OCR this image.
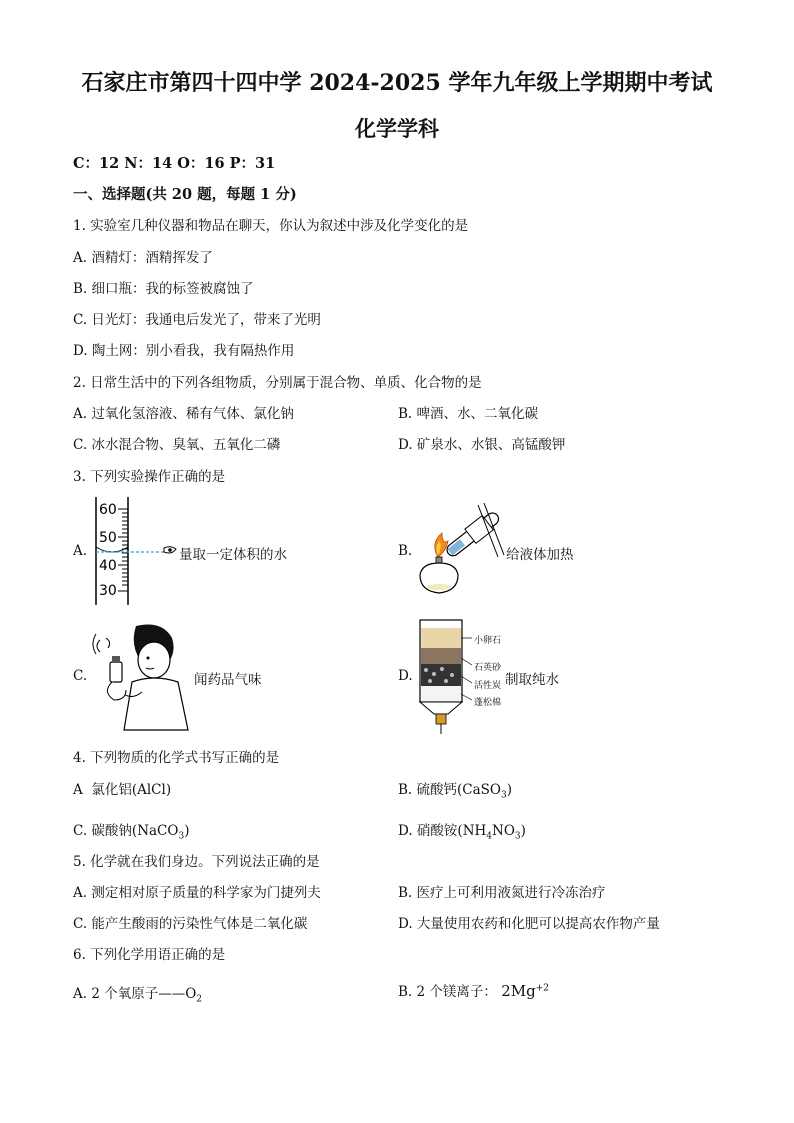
石家庄市第四十四中学 2024-2025 学年九年级上学期期中考试
化学学科
C：12 N：14 O：16 P：31
一、选择题(共 20 题，每题 1 分)
1. 实验室几种仪器和物品在聊天，你认为叙述中涉及化学变化的是
A. 酒精灯：酒精挥发了
B. 细口瓶：我的标签被腐蚀了
C. 日光灯：我通电后发光了，带来了光明
D. 陶土网：别小看我，我有隔热作用
2. 日常生活中的下列各组物质，分别属于混合物、单质、化合物的是
A. 过氧化氢溶液、稀有气体、氯化钠	B. 啤酒、水、二氧化碳
C. 冰水混合物、臭氧、五氧化二磷	D. 矿泉水、水银、高锰酸钾
3. 下列实验操作正确的是
A.
60
50
40
30
量取一定体积的水	B.	给液体加热
C.	闻药品气味	D.
小卵石
石英砂
活性炭
蓬松棉
制取纯水
4. 下列物质的化学式书写正确的是
A 氯化铝(AlCl)	B. 硫酸钙(CaSO$_3$)
C. 碳酸钠(NaCO$_3$)	D. 硝酸铵$(NH_4NO_3)$
5. 化学就在我们身边。下列说法正确的是
A. 测定相对原子质量的科学家为门捷列夫	B. 医疗上可利用液氮进行冷冻治疗
C. 能产生酸雨的污染性气体是二氧化碳	D. 大量使用农药和化肥可以提高农作物产量
6. 下列化学用语正确的是
A. 2 个氧原子$——O_2$	B. 2 个镁离子： $2Mg^{+2}$
